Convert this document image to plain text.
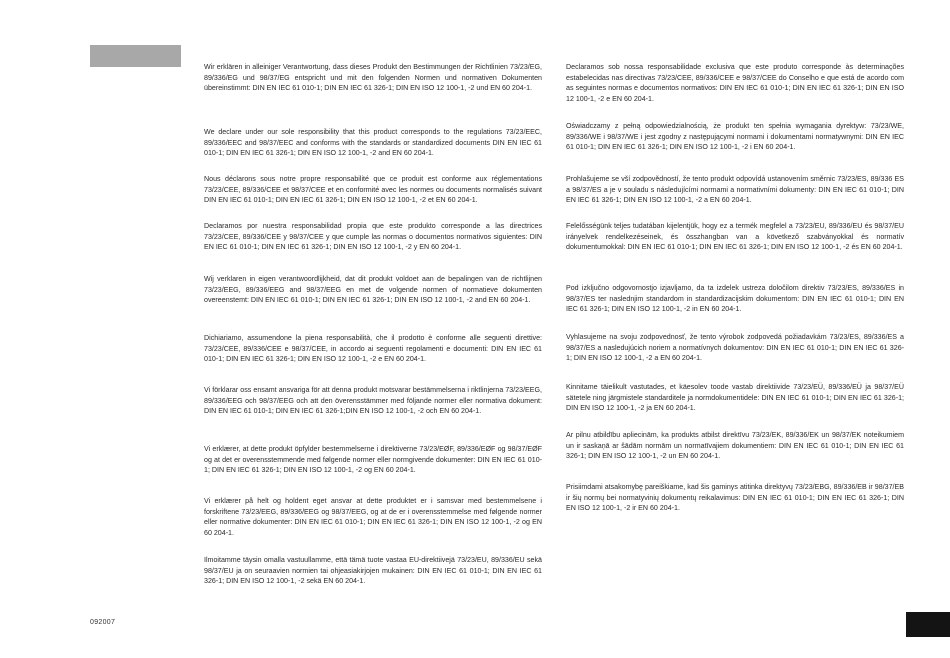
Wir erklären in alleiniger Verantwortung, dass dieses Produkt den Bestimmungen der Richtlinien 73/23/EG, 89/336/EG und 98/37/EG entspricht und mit den folgenden Normen und normativen Dokumenten übereinstimmt: DIN EN IEC 61 010-1; DIN EN IEC 61 326-1; DIN EN ISO 12 100-1, -2 und EN 60 204-1.

We declare under our sole responsibility that this product corresponds to the regulations 73/23/EEC, 89/336/EEC and 98/37/EEC and conforms with the standards or standardized documents DIN EN IEC 61 010-1; DIN EN IEC 61 326-1; DIN EN ISO 12 100-1, -2 and EN 60 204-1.

Nous déclarons sous notre propre responsabilité que ce produit est conforme aux réglementations 73/23/CEE, 89/336/CEE et 98/37/CEE et en conformité avec les normes ou documents normalisés suivant DIN EN IEC 61 010-1; DIN EN IEC 61 326-1; DIN EN ISO 12 100-1, -2 et EN 60 204-1.

Declaramos por nuestra responsabilidad propia que este produkto corresponde a las directrices 73/23/CEE, 89/336/CEE y 98/37/CEE y que cumple las normas o documentos normativos siguientes: DIN EN IEC 61 010-1; DIN EN IEC 61 326-1; DIN EN ISO 12 100-1, -2 y EN 60 204-1.

Wij verklaren in eigen verantwoordlijkheid, dat dit produkt voldoet aan de bepalingen van de richtlijnen 73/23/EEG, 89/336/EEG and 98/37/EEG en met de volgende normen of normatieve dokumenten overeenstemt: DIN EN IEC 61 010-1; DIN EN IEC 61 326-1; DIN EN ISO 12 100-1, -2 and EN 60 204-1.

Dichiariamo, assumendone la piena responsabilità, che il prodotto è conforme alle seguenti direttive: 73/23/CEE, 89/336/CEE e 98/37/CEE, in accordo ai seguenti regolamenti e documenti: DIN EN IEC 61 010-1; DIN EN IEC 61 326-1; DIN EN ISO 12 100-1, -2 e EN 60 204-1.

Vi förklarar oss ensamt ansvariga för att denna produkt motsvarar bestämmelserna i riktlinjerna 73/23/EEG, 89/336/EEG och 98/37/EEG och att den överensstämmer med följande normer eller normativa dokument: DIN EN IEC 61 010-1; DIN EN IEC 61 326-1;DIN EN ISO 12 100-1, -2 och EN 60 204-1.

Vi erklærer, at dette produkt öpfylder bestemmelserne i direktiverne 73/23/EØF, 89/336/EØF og 98/37/EØF og at det er overensstemmende med følgende normer eller normgivende dokumenter: DIN EN IEC 61 010-1; DIN EN IEC 61 326-1; DIN EN ISO 12 100-1, -2 og EN 60 204-1.

Vi erklærer på helt og holdent eget ansvar at dette produktet er i samsvar med bestemmelsene i forskriftene 73/23/EEG, 89/336/EEG og 98/37/EEG, og at de er i overensstemmelse med følgende normer eller normative dokumenter: DIN EN IEC 61 010-1; DIN EN IEC 61 326-1; DIN EN ISO 12 100-1, -2 og EN 60 204-1.

Ilmoitamme täysin omalla vastuullamme, että tämä tuote vastaa EU-direktiivejä 73/23/EU, 89/336/EU sekä 98/37/EU ja on seuraavien normien tai ohjeasiakirjojen mukainen: DIN EN IEC 61 010-1; DIN EN IEC 61 326-1; DIN EN ISO 12 100-1, -2 sekä EN 60 204-1.

Declaramos sob nossa responsabilidade exclusiva que este produto corresponde às determinações estabelecidas nas directivas 73/23/CEE, 89/336/CEE e 98/37/CEE do Conselho e que está de acordo com as seguintes normas e documentos normativos: DIN EN IEC 61 010-1; DIN EN IEC 61 326-1; DIN EN ISO 12 100-1, -2 e EN 60 204-1.

Oświadczamy z pełną odpowiedzialnością, że produkt ten spełnia wymagania dyrektyw: 73/23/WE, 89/336/WE i 98/37/WE i jest zgodny z następującymi normami i dokumentami normatywnymi: DIN EN IEC 61 010-1; DIN EN IEC 61 326-1; DIN EN ISO 12 100-1, -2 i EN 60 204-1.

Prohlašujeme se vší zodpovědností, že tento produkt odpovídá ustanovením směrnic 73/23/ES, 89/336 ES a 98/37/ES a je v souladu s následujícími normami a normativními dokumenty: DIN EN IEC 61 010-1; DIN EN IEC 61 326-1; DIN EN ISO 12 100-1, -2 a EN 60 204-1.

Felelősségünk teljes tudatában kijelentjük, hogy ez a termék megfelel a 73/23/EU, 89/336/EU és 98/37/EU irányelvek rendelkezéseinek, és összhangban van a következő szabványokkal és normatív dokumentumokkal: DIN EN IEC 61 010-1; DIN EN IEC 61 326-1; DIN EN ISO 12 100-1, -2 és EN 60 204-1.

Pod izključno odgovornostjo izjavljamo, da ta izdelek ustreza določilom direktiv 73/23/ES, 89/336/ES in 98/37/ES ter naslednjim standardom in standardizacijskim dokumentom: DIN EN IEC 61 010-1; DIN EN IEC 61 326-1; DIN EN ISO 12 100-1, -2 in EN 60 204-1.

Vyhlasujeme na svoju zodpovednosť, že tento výrobok zodpovedá požiadavkám 73/23/ES, 89/336/ES a 98/37/ES a nasledujúcich noriem a normatívnych dokumentov: DIN EN IEC 61 010-1; DIN EN IEC 61 326-1; DIN EN ISO 12 100-1, -2 a EN 60 204-1.

Kinnitame täielikult vastutades, et käesolev toode vastab direktiivide 73/23/EÜ, 89/336/EÜ ja 98/37/EÜ sätetele ning järgmistele standarditele ja normdokumentidele: DIN EN IEC 61 010-1; DIN EN IEC 61 326-1; DIN EN ISO 12 100-1, -2 ja EN 60 204-1.

Ar pilnu atbildību apliecinām, ka produkts atbilst direktīvu 73/23/EK, 89/336/EK un 98/37/EK noteikumiem un ir saskaņā ar šādām normām un normatīvajiem dokumentiem: DIN EN IEC 61 010-1; DIN EN IEC 61 326-1; DIN EN ISO 12 100-1, -2 un EN 60 204-1.

Prisiimdami atsakomybę pareiškiame, kad šis gaminys atitinka direktyvų 73/23/EBG, 89/336/EB ir 98/37/EB ir šių normų bei normatyvinių dokumentų reikalavimus: DIN EN IEC 61 010-1; DIN EN IEC 61 326-1; DIN EN ISO 12 100-1, -2 ir EN 60 204-1.

092007
